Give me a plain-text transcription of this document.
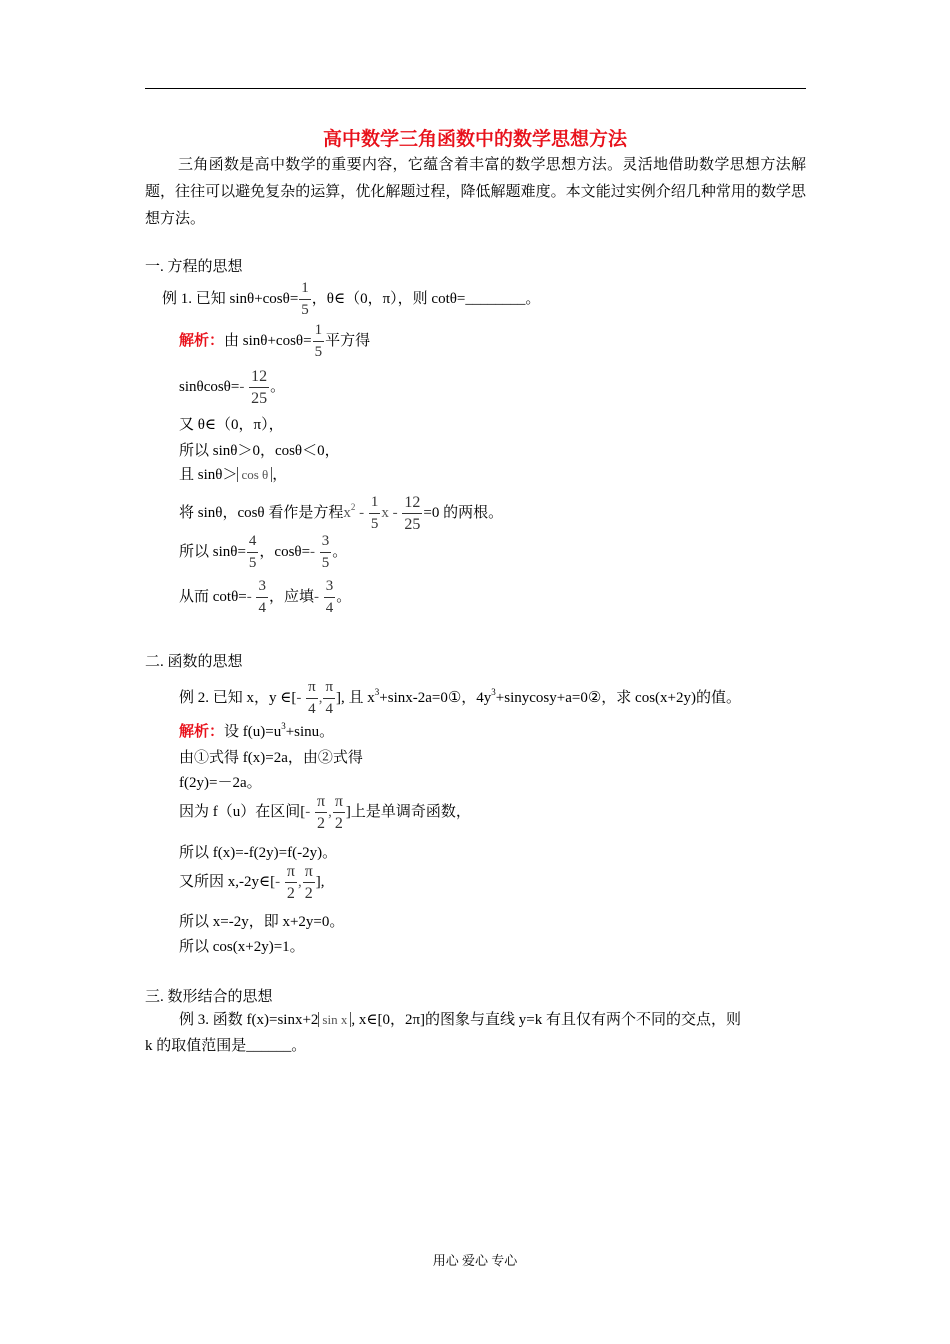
高中数学三角函数中的数学思想方法
三角函数是高中数学的重要内容，它蕴含着丰富的数学思想方法。灵活地借助数学思想方法解题，往往可以避免复杂的运算，优化解题过程，降低解题难度。本文能过实例介绍几种常用的数学思想方法。
一. 方程的思想
例 1. 已知 $\sin\theta+\cos\theta= \frac{1}{5}$ ，θ∈（0，π），则 cotθ=________。
解析：由 $\sin\theta+\cos\theta= \frac{1}{5}$ 平方得
$\sin\theta\cos\theta=- \frac{12}{25}$ 。
又 θ∈（0，π），
所以 sinθ＞0，cosθ＜0，
且 sinθ＞ cos θ ，
将 sinθ，cosθ 看作是方程$x^2 - \frac{1}{5}$ $x - \frac{12}{25} =0$ 的两根。
所以 $\sin\theta= \frac{4}{5}$ ，$\cos\theta=- \frac{3}{5}$ 。
从而 $\cot\theta=- \frac{3}{4}$ ，应填- $\frac{3}{4}$ 。
二. 函数的思想
例 2. 已知 x，y ∈[- $\frac{\pi}{4}$ , $\frac{\pi}{4}$ ], 且 $x^3+\sin x-2a=0①$，$4y^3+sinycosy+a=0②$，求 cos(x+2y)的值。
解析：设 $f(u)=u^3+\sin u$。
由①式得 f(x)=2a，由②式得
f(2y)=－2a。
因为 f（u）在区间[- $\frac{\pi}{2}$ , $\frac{\pi}{2}$ ]上是单调奇函数，
所以 f(x)=-f(2y)=f(-2y)。
又所因 x,-2y∈[- $\frac{\pi}{2}$ , $\frac{\pi}{2}$ ],
所以 x=-2y，即 x+2y=0。
所以 cos(x+2y)=1。
三. 数形结合的思想
例 3. 函数 f(x)=sinx+2 sin x , x∈[0，2π]的图象与直线 y=k 有且仅有两个不同的交点，则
k 的取值范围是______。
用心 爱心 专心
